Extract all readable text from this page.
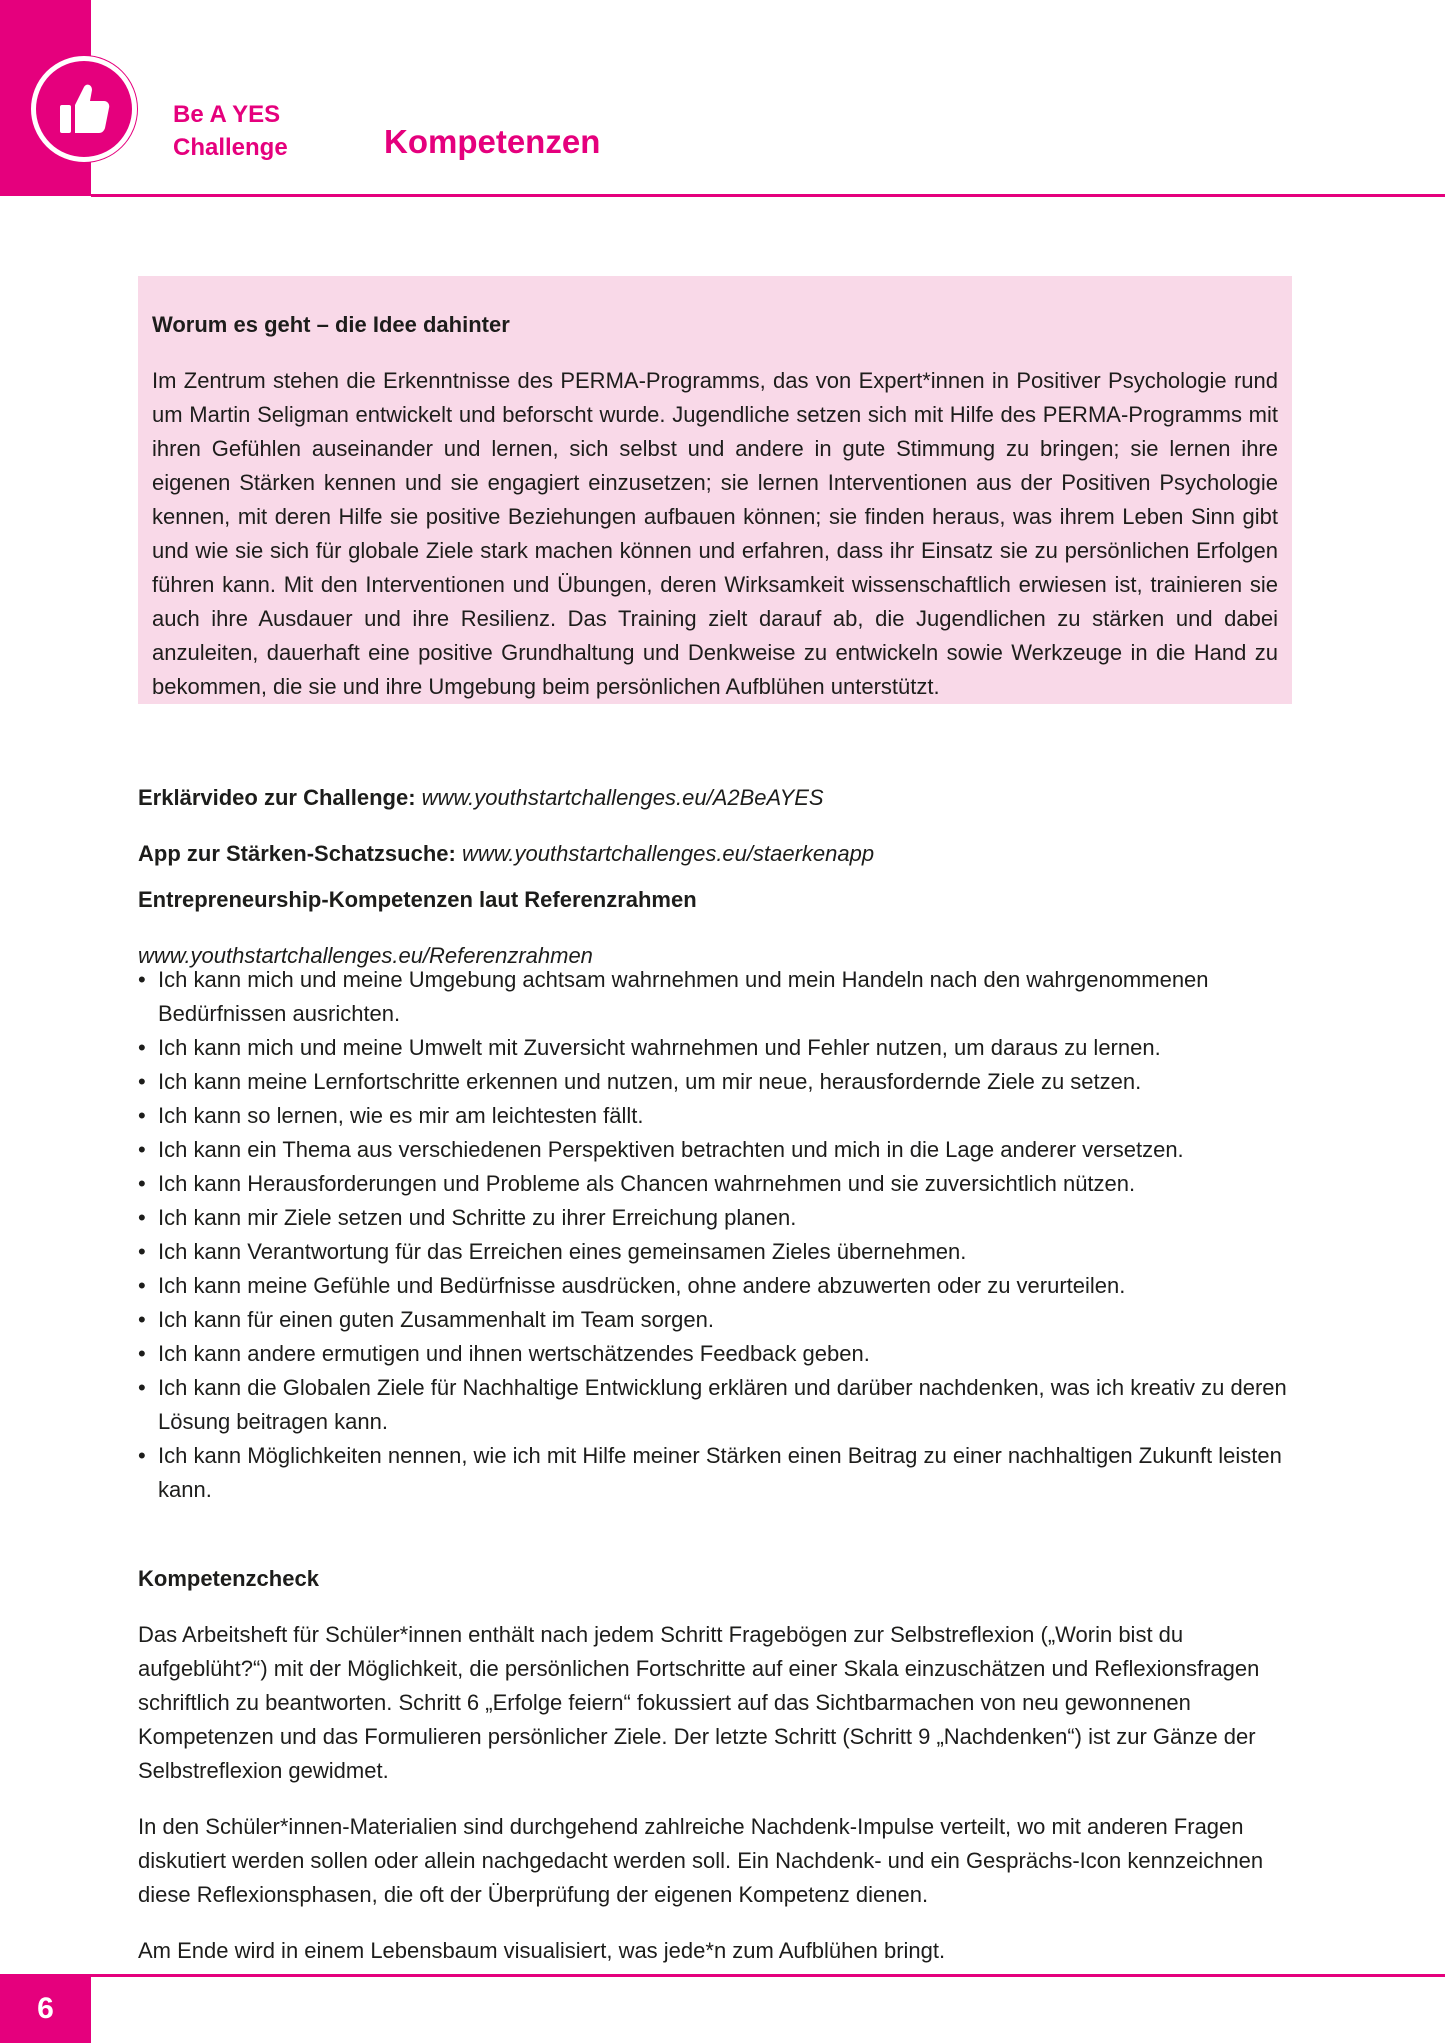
Be A YES
Challenge	Kompetenzen

Worum es geht – die Idee dahinter

Im Zentrum stehen die Erkenntnisse des PERMA-Programms, das von Expert*innen in Positiver Psychologie rund um Martin Seligman entwickelt und beforscht wurde. Jugendliche setzen sich mit Hilfe des PERMA-Programms mit ihren Gefühlen auseinander und lernen, sich selbst und andere in gute Stimmung zu bringen; sie lernen ihre eigenen Stärken kennen und sie engagiert einzusetzen; sie lernen Interventionen aus der Positiven Psychologie kennen, mit deren Hilfe sie positive Beziehungen aufbauen können; sie finden heraus, was ihrem Leben Sinn gibt und wie sie sich für globale Ziele stark machen können und erfahren, dass ihr Einsatz sie zu persönlichen Erfolgen führen kann. Mit den Interventionen und Übungen, deren Wirksamkeit wissenschaftlich erwiesen ist, trainieren sie auch ihre Ausdauer und ihre Resilienz. Das Training zielt darauf ab, die Jugendlichen zu stärken und dabei anzuleiten, dauerhaft eine positive Grundhaltung und Denkweise zu entwickeln sowie Werkzeuge in die Hand zu bekommen, die sie und ihre Umgebung beim persönlichen Aufblühen unterstützt.

Erklärvideo zur Challenge: www.youthstartchallenges.eu/A2BeAYES

App zur Stärken-Schatzsuche: www.youthstartchallenges.eu/staerkenapp

Entrepreneurship-Kompetenzen laut Referenzrahmen

www.youthstartchallenges.eu/Referenzrahmen

• Ich kann mich und meine Umgebung achtsam wahrnehmen und mein Handeln nach den wahrgenommenen Bedürfnissen ausrichten.
• Ich kann mich und meine Umwelt mit Zuversicht wahrnehmen und Fehler nutzen, um daraus zu lernen.
• Ich kann meine Lernfortschritte erkennen und nutzen, um mir neue, herausfordernde Ziele zu setzen.
• Ich kann so lernen, wie es mir am leichtesten fällt.
• Ich kann ein Thema aus verschiedenen Perspektiven betrachten und mich in die Lage anderer versetzen.
• Ich kann Herausforderungen und Probleme als Chancen wahrnehmen und sie zuversichtlich nützen.
• Ich kann mir Ziele setzen und Schritte zu ihrer Erreichung planen.
• Ich kann Verantwortung für das Erreichen eines gemeinsamen Zieles übernehmen.
• Ich kann meine Gefühle und Bedürfnisse ausdrücken, ohne andere abzuwerten oder zu verurteilen.
• Ich kann für einen guten Zusammenhalt im Team sorgen.
• Ich kann andere ermutigen und ihnen wertschätzendes Feedback geben.
• Ich kann die Globalen Ziele für Nachhaltige Entwicklung erklären und darüber nachdenken, was ich kreativ zu deren Lösung beitragen kann.
• Ich kann Möglichkeiten nennen, wie ich mit Hilfe meiner Stärken einen Beitrag zu einer nachhaltigen Zukunft leisten kann.

Kompetenzcheck

Das Arbeitsheft für Schüler*innen enthält nach jedem Schritt Fragebögen zur Selbstreflexion („Worin bist du aufgeblüht?“) mit der Möglichkeit, die persönlichen Fortschritte auf einer Skala einzuschätzen und Reflexionsfragen schriftlich zu beantworten. Schritt 6 „Erfolge feiern“ fokussiert auf das Sichtbarmachen von neu gewonnenen Kompetenzen und das Formulieren persönlicher Ziele. Der letzte Schritt (Schritt 9 „Nachdenken“) ist zur Gänze der Selbstreflexion gewidmet.

In den Schüler*innen-Materialien sind durchgehend zahlreiche Nachdenk-Impulse verteilt, wo mit anderen Fragen diskutiert werden sollen oder allein nachgedacht werden soll. Ein Nachdenk- und ein Gesprächs-Icon kennzeichnen diese Reflexionsphasen, die oft der Überprüfung der eigenen Kompetenz dienen.

Am Ende wird in einem Lebensbaum visualisiert, was jede*n zum Aufblühen bringt.

6
